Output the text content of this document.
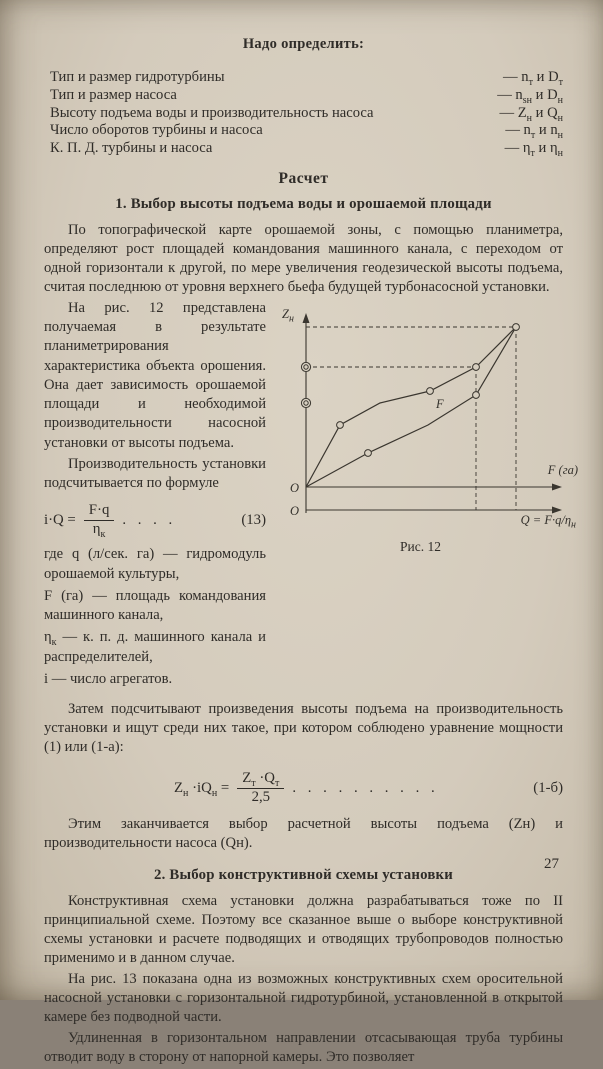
Надо определить:

Тип и размер гидротурбины	— $n_т$ и $D_т$
Тип и размер насоса	— $n_{sн}$ и $D_н$
Высоту подъема воды и производительность насоса	— $Z_н$ и $Q_н$
Число оборотов турбины и насоса	— $n_т$ и $n_н$
К. П. Д. турбины и насоса	— $\eta_т$ и $\eta_н$
Расчет
1. Выбор высоты подъема воды и орошаемой площади

По топографической карте орошаемой зоны, с помощью планиметра, определяют рост площадей командования машинного канала, с переходом от одной горизонтали к другой, по мере увеличения геодезической высоты подъема, считая последнюю от уровня верхнего бьефа будущей турбонасосной установки.

На рис. 12 представлена получаемая в результате планиметрирования характеристика объекта орошения. Она дает зависимость орошаемой площади и необходимой производительности насосной установки от высоты подъема.

Производительность установки подсчитывается по формуле

$i\cdot Q = \frac{F\cdot q}{\eta_к}$ . . . .	(13)

где q (л/сек. га) — гидромодуль орошаемой культуры,

F (га) — площадь командования машинного канала,

$\eta_к$ — к. п. д. машинного канала и распределителей,

i — число агрегатов.

$Z_н$
F (га)
O
O
$Q = F\cdot q/\eta_н$
F
Рис. 12

Затем подсчитывают произведения высоты подъема на производительность установки и ищут среди них такое, при котором соблюдено уравнение мощности (1) или (1-а):

$Z_н \cdot iQ_н = \frac{Z_т \cdot Q_т}{2,5}$ . . . . . . . . . .	(1-б)

Этим заканчивается выбор расчетной высоты подъема (Zн) и производительности насоса (Qн).

2. Выбор конструктивной схемы установки

Конструктивная схема установки должна разрабатываться тоже по II принципиальной схеме. Поэтому все сказанное выше о выборе конструктивной схемы установки и расчете подводящих и отводящих трубопроводов полностью применимо и в данном случае.

На рис. 13 показана одна из возможных конструктивных схем оросительной насосной установки с горизонтальной гидротурбиной, установленной в открытой камере без подводной части.

Удлиненная в горизонтальном направлении отсасывающая труба турбины отводит воду в сторону от напорной камеры. Это позволяет

27
